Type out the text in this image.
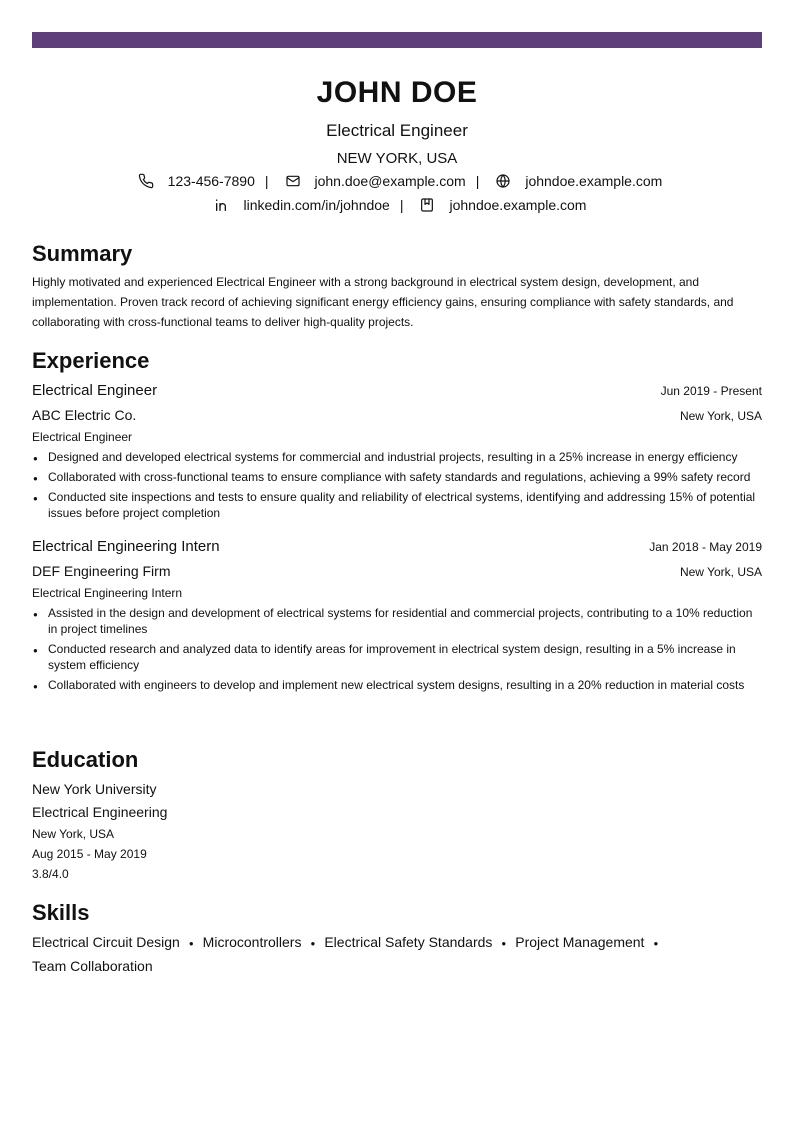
JOHN DOE
Electrical Engineer
NEW YORK, USA
123-456-7890 |	john.doe@example.com |	johndoe.example.com
linkedin.com/in/johndoe |	johndoe.example.com
Summary
Highly motivated and experienced Electrical Engineer with a strong background in electrical system design, development, and implementation. Proven track record of achieving significant energy efficiency gains, ensuring compliance with safety standards, and collaborating with cross-functional teams to deliver high-quality projects.
Experience
Electrical Engineer	Jun 2019 - Present
ABC Electric Co.	New York, USA
Electrical Engineer
● Designed and developed electrical systems for commercial and industrial projects, resulting in a 25% increase in energy efficiency
● Collaborated with cross-functional teams to ensure compliance with safety standards and regulations, achieving a 99% safety record
● Conducted site inspections and tests to ensure quality and reliability of electrical systems, identifying and addressing 15% of potential issues before project completion
Electrical Engineering Intern	Jan 2018 - May 2019
DEF Engineering Firm	New York, USA
Electrical Engineering Intern
● Assisted in the design and development of electrical systems for residential and commercial projects, contributing to a 10% reduction in project timelines
● Conducted research and analyzed data to identify areas for improvement in electrical system design, resulting in a 5% increase in system efficiency
● Collaborated with engineers to develop and implement new electrical system designs, resulting in a 20% reduction in material costs
Education
New York University
Electrical Engineering
New York, USA
Aug 2015 - May 2019
3.8/4.0
Skills
Electrical Circuit Design ● Microcontrollers ● Electrical Safety Standards ● Project Management ●
Team Collaboration
